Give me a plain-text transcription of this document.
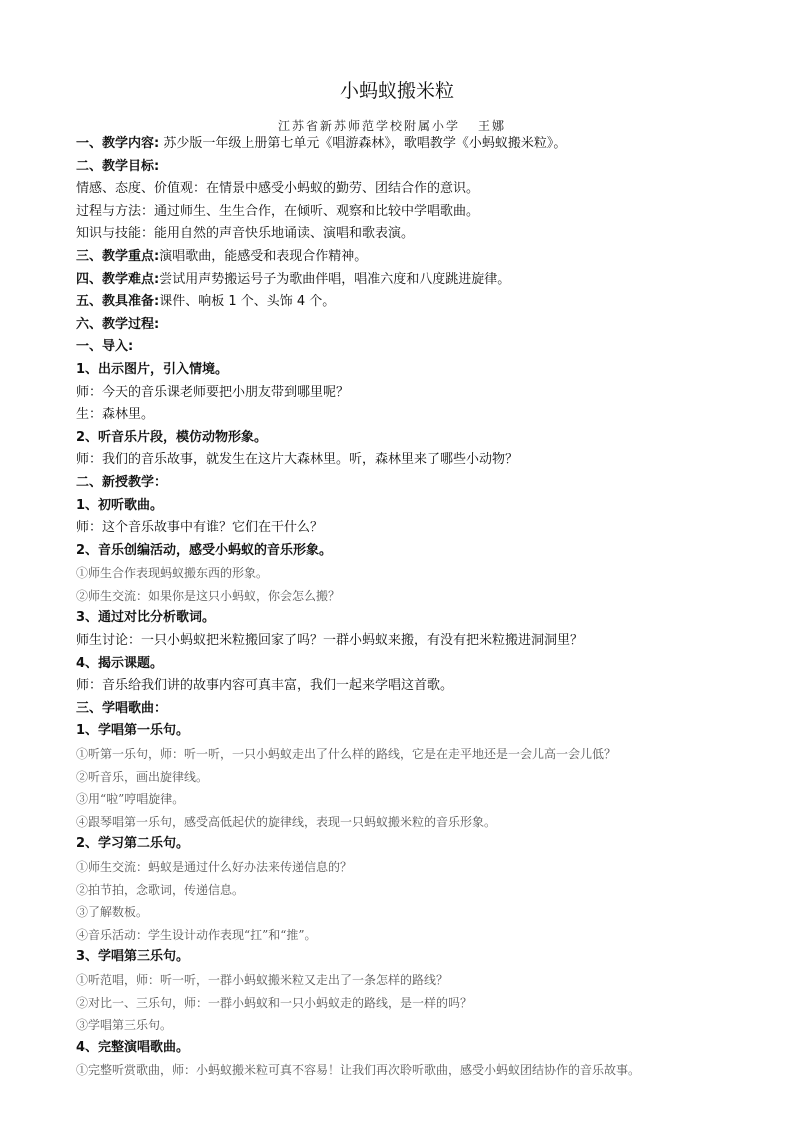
小蚂蚁搬米粒
江苏省新苏师范学校附属小学 王娜
一、教学内容: 苏少版一年级上册第七单元《唱游森林》，歌唱教学《小蚂蚁搬米粒》。
二、教学目标:
情感、态度、价值观：在情景中感受小蚂蚁的勤劳、团结合作的意识。
过程与方法：通过师生、生生合作，在倾听、观察和比较中学唱歌曲。
知识与技能：能用自然的声音快乐地诵读、演唱和歌表演。
三、教学重点:演唱歌曲，能感受和表现合作精神。
四、教学难点:尝试用声势搬运号子为歌曲伴唱，唱准六度和八度跳进旋律。
五、教具准备:课件、响板 1 个、头饰 4 个。
六、教学过程:
一、导入:
1、出示图片，引入情境。
师：今天的音乐课老师要把小朋友带到哪里呢？
生：森林里。
2、听音乐片段，模仿动物形象。
师：我们的音乐故事，就发生在这片大森林里。听，森林里来了哪些小动物？
二、新授教学：
1、初听歌曲。
师：这个音乐故事中有谁？它们在干什么？
2、音乐创编活动，感受小蚂蚁的音乐形象。
①师生合作表现蚂蚁搬东西的形象。
②师生交流：如果你是这只小蚂蚁，你会怎么搬？
3、通过对比分析歌词。
师生讨论：一只小蚂蚁把米粒搬回家了吗？一群小蚂蚁来搬，有没有把米粒搬进洞洞里？
4、揭示课题。
师：音乐给我们讲的故事内容可真丰富，我们一起来学唱这首歌。
三、学唱歌曲：
1、学唱第一乐句。
①听第一乐句，师：听一听，一只小蚂蚁走出了什么样的路线，它是在走平地还是一会儿高一会儿低？
②听音乐，画出旋律线。
③用“啦”哼唱旋律。
④跟琴唱第一乐句，感受高低起伏的旋律线，表现一只蚂蚁搬米粒的音乐形象。
2、学习第二乐句。
①师生交流：蚂蚁是通过什么好办法来传递信息的？
②拍节拍，念歌词，传递信息。
③了解数板。
④音乐活动：学生设计动作表现“扛”和“推”。
3、学唱第三乐句。
①听范唱，师：听一听，一群小蚂蚁搬米粒又走出了一条怎样的路线？
②对比一、三乐句，师：一群小蚂蚁和一只小蚂蚁走的路线，是一样的吗？
③学唱第三乐句。
4、完整演唱歌曲。
①完整听赏歌曲，师：小蚂蚁搬米粒可真不容易！让我们再次聆听歌曲，感受小蚂蚁团结协作的音乐故事。
